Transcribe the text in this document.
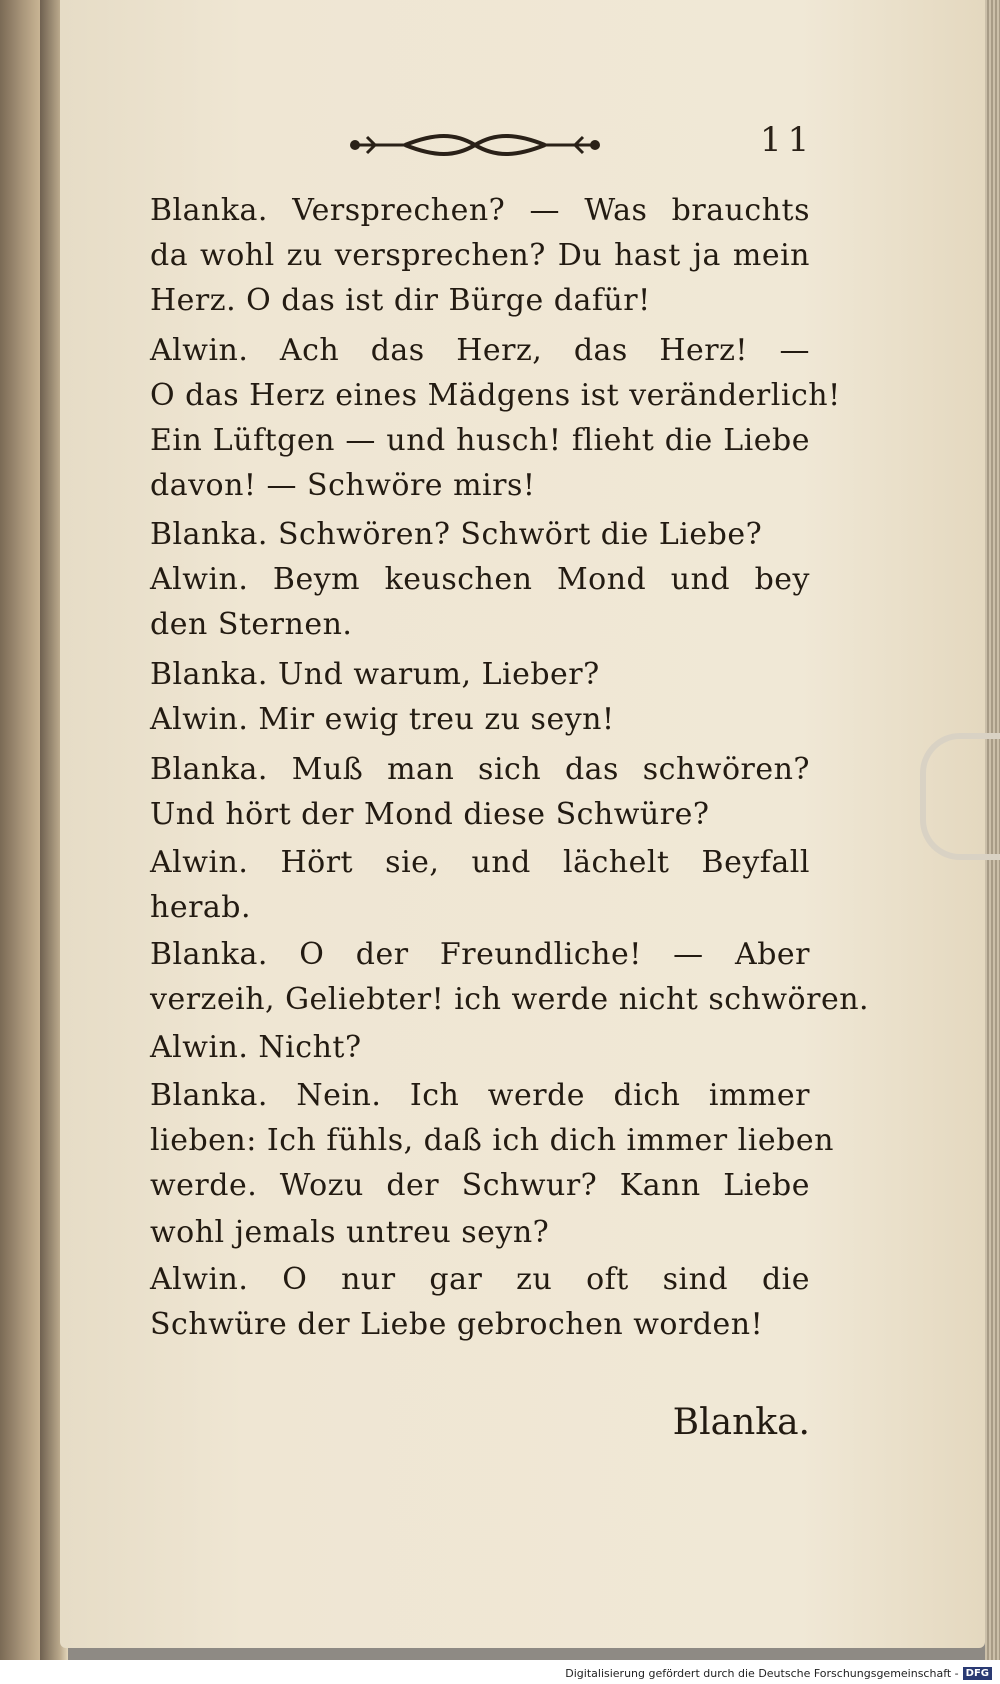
11
Blanka. Versprechen? — Was brauchts
da wohl zu versprechen? Du hast ja mein
Herz. O das ist dir Bürge dafür!
Alwin. Ach das Herz, das Herz! —
O das Herz eines Mädgens ist veränderlich!
Ein Lüftgen — und husch! flieht die Liebe
davon! — Schwöre mirs!
Blanka. Schwören? Schwört die Liebe?
Alwin. Beym keuschen Mond und bey
den Sternen.
Blanka. Und warum, Lieber?
Alwin. Mir ewig treu zu seyn!
Blanka. Muß man sich das schwören?
Und hört der Mond diese Schwüre?
Alwin. Hört sie, und lächelt Beyfall
herab.
Blanka. O der Freundliche! — Aber
verzeih, Geliebter! ich werde nicht schwören.
Alwin. Nicht?
Blanka. Nein. Ich werde dich immer
lieben: Ich fühls, daß ich dich immer lieben
werde. Wozu der Schwur? Kann Liebe
wohl jemals untreu seyn?
Alwin. O nur gar zu oft sind die
Schwüre der Liebe gebrochen worden!
Blanka.
Digitalisierung gefördert durch die Deutsche Forschungsgemeinschaft - DFG
